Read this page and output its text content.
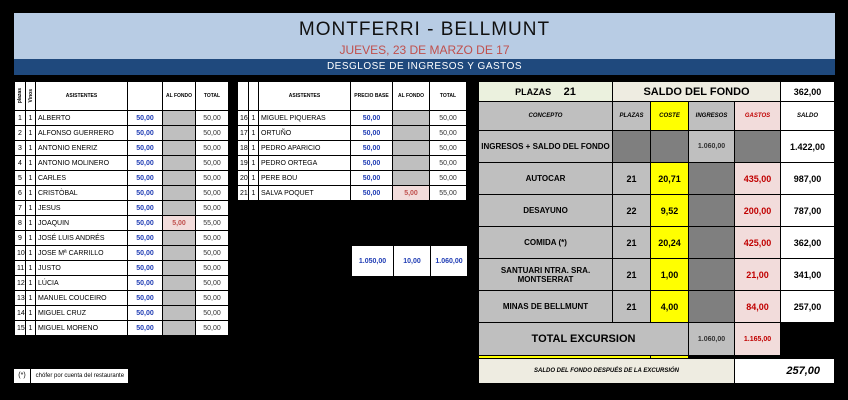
MONTFERRI - BELLMUNT
JUEVES, 23 DE MARZO DE 17
DESGLOSE DE INGRESOS Y GASTOS
plazas	Vinos	ASISTENTES		AL FONDO	TOTAL
1	1	ALBERTO	50,00		50,00
2	1	ALFONSO GUERRERO	50,00		50,00
3	1	ANTONIO ENERIZ	50,00		50,00
4	1	ANTONIO MOLINERO	50,00		50,00
5	1	CARLES	50,00		50,00
6	1	CRISTÒBAL	50,00		50,00
7	1	JESUS	50,00		50,00
8	1	JOAQUIN	50,00	5,00	55,00
9	1	JOSÉ LUIS ANDRÉS	50,00		50,00
10	1	JOSE Mª CARRILLO	50,00		50,00
11	1	JUSTO	50,00		50,00
12	1	LÚCIA	50,00		50,00
13	1	MANUEL COUCEIRO	50,00		50,00
14	1	MIGUEL CRUZ	50,00		50,00
15	1	MIGUEL MORENO	50,00		50,00
		ASISTENTES	PRECIO BASE	AL FONDO	TOTAL
16	1	MIGUEL PIQUERAS	50,00		50,00
17	1	ORTUÑO	50,00		50,00
18	1	PEDRO APARICIO	50,00		50,00
19	1	PEDRO ORTEGA	50,00		50,00
20	1	PERE BOU	50,00		50,00
21	1	SALVA POQUET	50,00	5,00	55,00
1.050,00	10,00	1.060,00
PLAZAS 21	SALDO DEL FONDO				362,00
CONCEPTO	PLAZAS	COSTE	INGRESOS	GASTOS	SALDO
INGRESOS + SALDO DEL FONDO			1.060,00		1.422,00
AUTOCAR	21	20,71		435,00	987,00
DESAYUNO	22	9,52		200,00	787,00
COMIDA (*)	21	20,24		425,00	362,00
SANTUARI NTRA. SRA. MONTSERRAT	21	1,00		21,00	341,00
MINAS DE BELLMUNT	21	4,00		84,00	257,00
TOTAL EXCURSION			1.060,00	1.165,00	

SALDO DEL FONDO DESPUÉS DE LA EXCURSIÓN	257,00
(*) chófer por cuenta del restaurante
